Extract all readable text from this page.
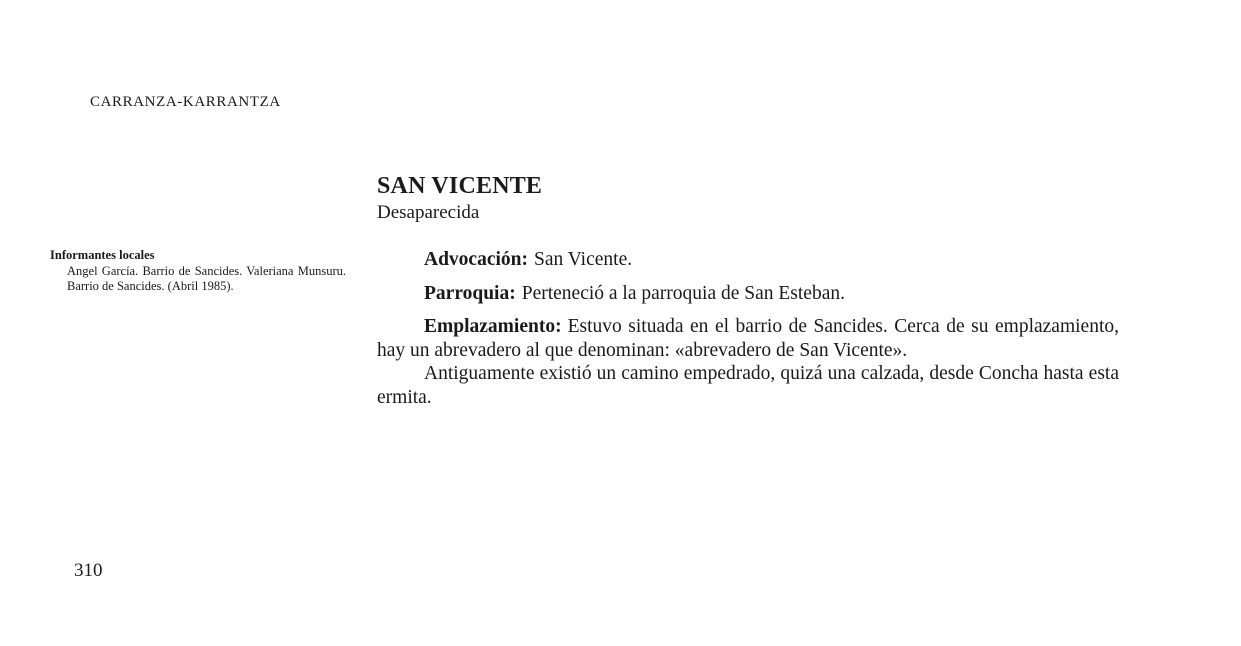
CARRANZA-KARRANTZA
Informantes locales
Angel García. Barrio de Sancides. Valeriana Munsuru. Barrio de Sancides. (Abril 1985).
SAN VICENTE
Desaparecida

Advocación: San Vicente.

Parroquia: Perteneció a la parroquia de San Esteban.

Emplazamiento: Estuvo situada en el barrio de Sancides. Cerca de su emplazamiento, hay un abrevadero al que denominan: «abrevadero de San Vicente».

Antiguamente existió un camino empedrado, quizá una calzada, desde Concha hasta esta ermita.

310
